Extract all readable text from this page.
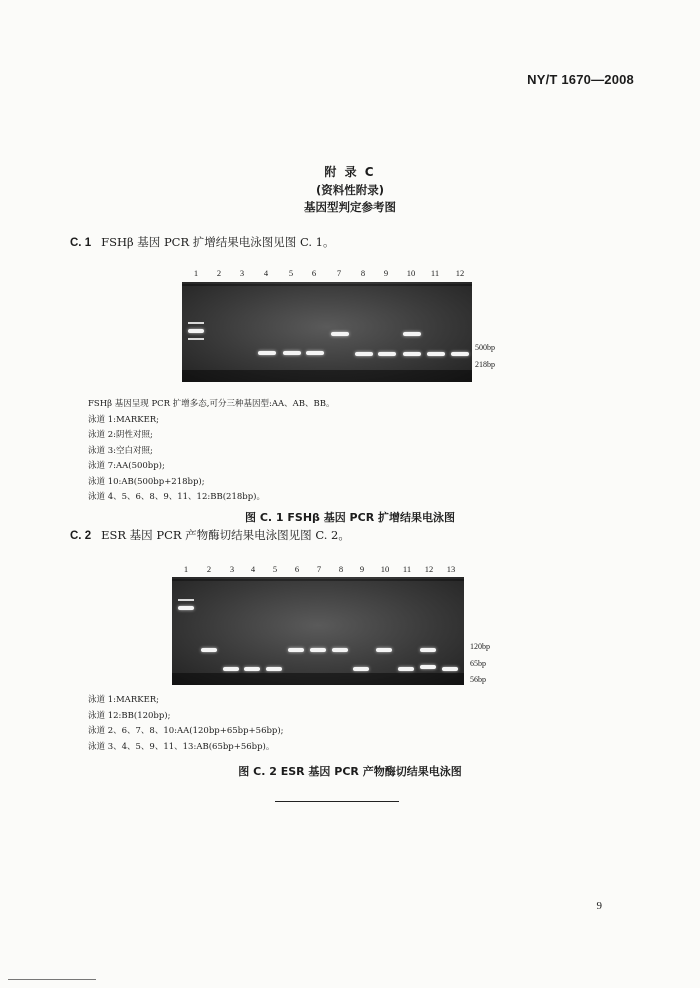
NY/T 1670—2008
附 录 C
(资料性附录)
基因型判定参考图
C. 1 FSHβ 基因 PCR 扩增结果电泳图见图 C. 1。
1	2	3	4	5	6	7	8	9	10	11	12
500bp
218bp
FSHβ 基因呈现 PCR 扩增多态,可分三种基因型:AA、AB、BB。
泳道 1:MARKER;
泳道 2:阴性对照;
泳道 3:空白对照;
泳道 7:AA(500bp);
泳道 10:AB(500bp+218bp);
泳道 4、5、6、8、9、11、12:BB(218bp)。
图 C. 1 FSHβ 基因 PCR 扩增结果电泳图
C. 2 ESR 基因 PCR 产物酶切结果电泳图见图 C. 2。
1	2	3	4	5	6	7	8	9	10	11	12	13
120bp
65bp
56bp
泳道 1:MARKER;
泳道 12:BB(120bp);
泳道 2、6、7、8、10:AA(120bp+65bp+56bp);
泳道 3、4、5、9、11、13:AB(65bp+56bp)。
图 C. 2 ESR 基因 PCR 产物酶切结果电泳图
9
